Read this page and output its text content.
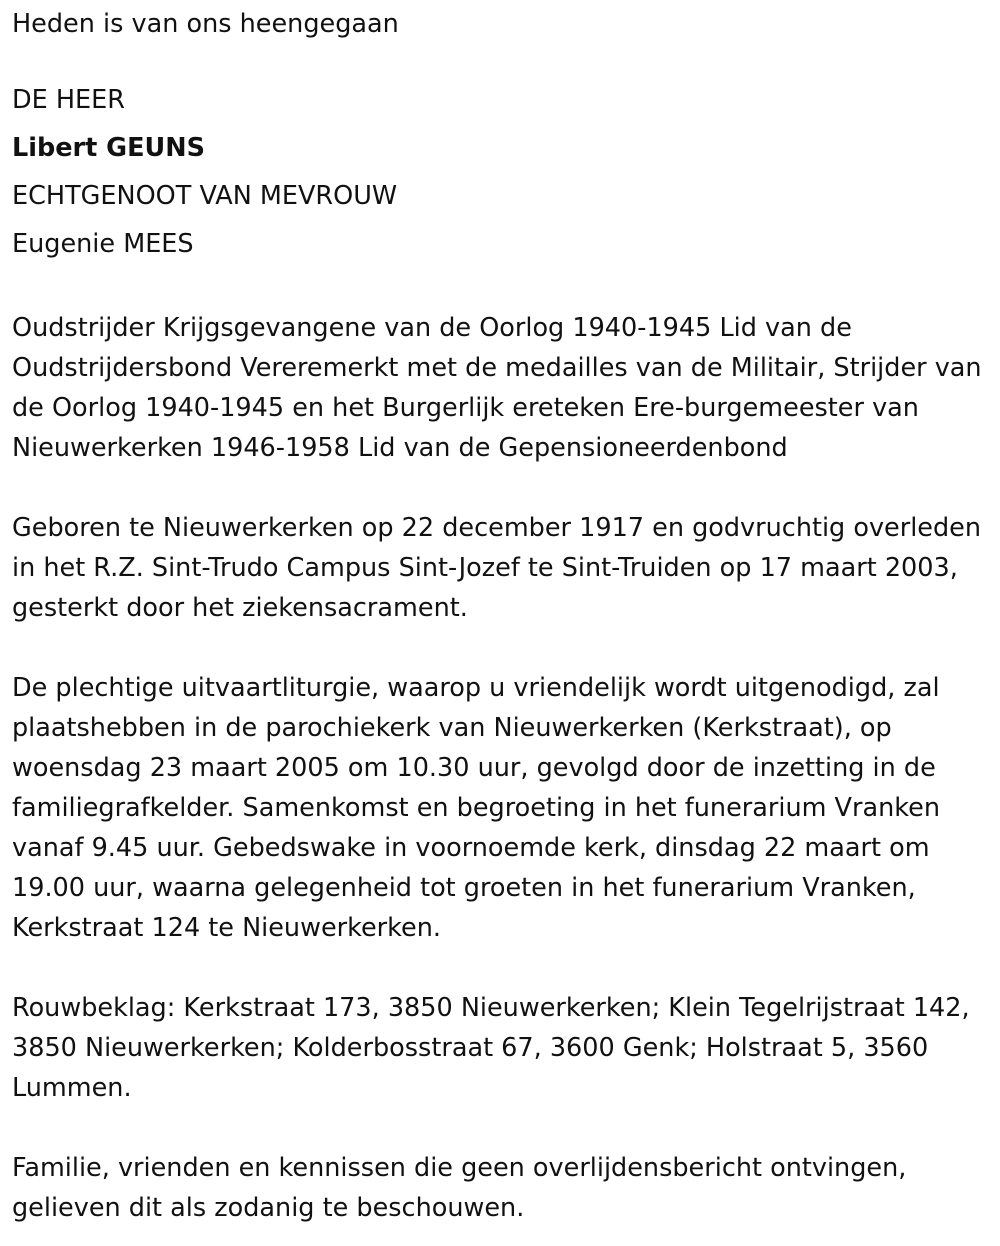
Heden is van ons heengegaan

DE HEER

Libert GEUNS

ECHTGENOOT VAN MEVROUW

Eugenie MEES

Oudstrijder Krijgsgevangene van de Oorlog 1940-1945 Lid van de Oudstrijdersbond Vereremerkt met de medailles van de Militair, Strijder van de Oorlog 1940-1945 en het Burgerlijk ereteken Ere-burgemeester van Nieuwerkerken 1946-1958 Lid van de Gepensioneerdenbond

Geboren te Nieuwerkerken op 22 december 1917 en godvruchtig overleden in het R.Z. Sint-Trudo Campus Sint-Jozef te Sint-Truiden op 17 maart 2003, gesterkt door het ziekensacrament.

De plechtige uitvaartliturgie, waarop u vriendelijk wordt uitgenodigd, zal plaatshebben in de parochiekerk van Nieuwerkerken (Kerkstraat), op woensdag 23 maart 2005 om 10.30 uur, gevolgd door de inzetting in de familiegrafkelder. Samenkomst en begroeting in het funerarium Vranken vanaf 9.45 uur. Gebedswake in voornoemde kerk, dinsdag 22 maart om 19.00 uur, waarna gelegenheid tot groeten in het funerarium Vranken, Kerkstraat 124 te Nieuwerkerken.

Rouwbeklag: Kerkstraat 173, 3850 Nieuwerkerken; Klein Tegelrijstraat 142, 3850 Nieuwerkerken; Kolderbosstraat 67, 3600 Genk; Holstraat 5, 3560 Lummen.

Familie, vrienden en kennissen die geen overlijdensbericht ontvingen, gelieven dit als zodanig te beschouwen.
